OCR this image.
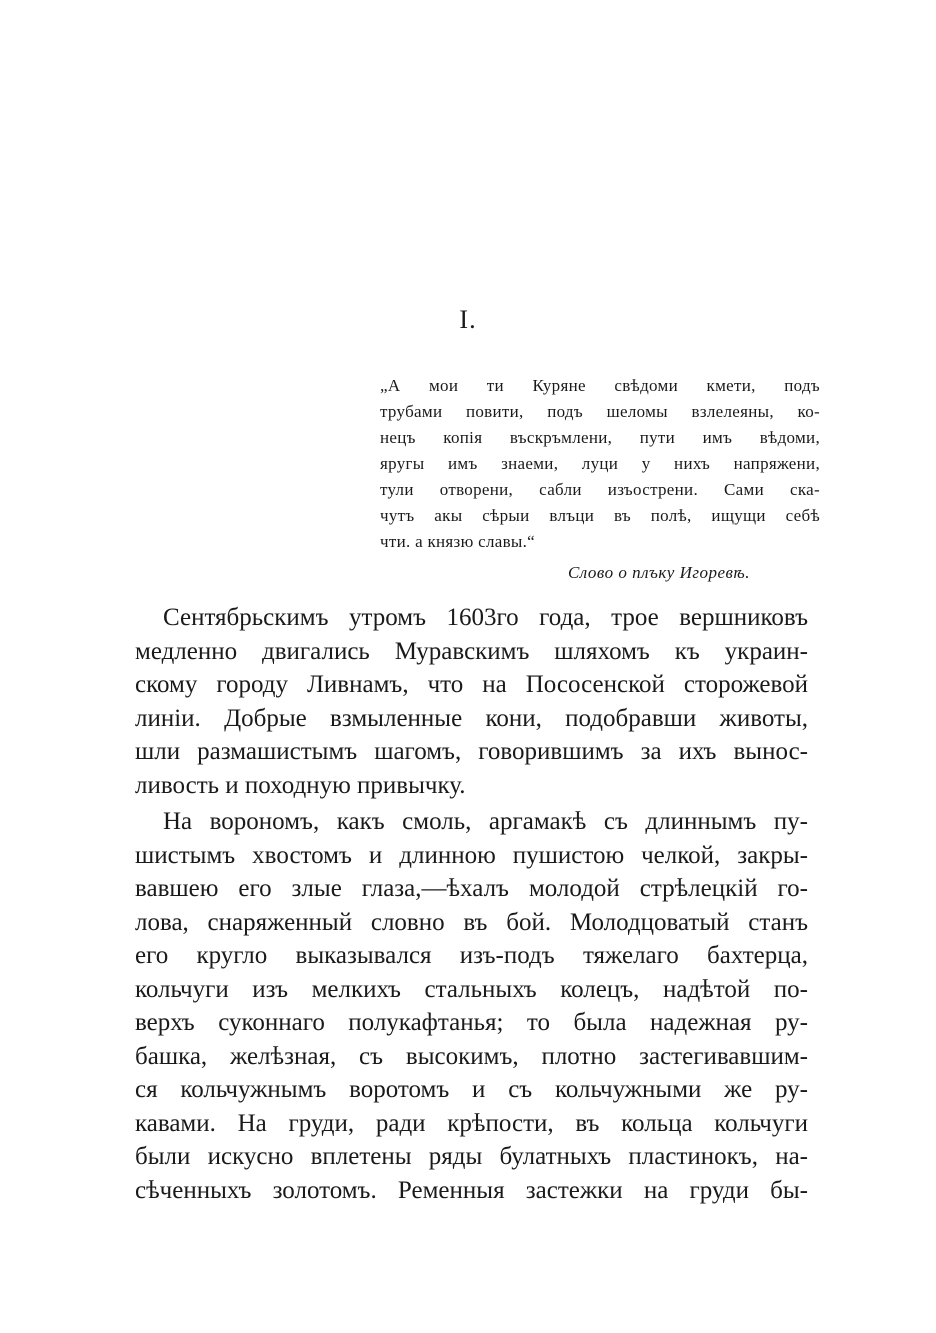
I.
„А мои ти Куряне свѣдоми кмети, подъ
трубами повити, подъ шеломы взлелеяны, ко-
нецъ копія въскръмлени, пути имъ вѣдоми,
яругы имъ знаеми, луци у нихъ напряжени,
тули отворени, сабли изъострени. Сами ска-
чутъ акы сѣрыи влъци въ полѣ, ищущи себѣ
чти. а князю славы.“
Слово о плъку Игоревѣ.
Сентябрьскимъ утромъ 1603го года, трое вершниковъ
медленно двигались Муравскимъ шляхомъ къ украин-
скому городу Ливнамъ, что на Пососенской сторожевой
линіи. Добрые взмыленные кони, подобравши животы,
шли размашистымъ шагомъ, говорившимъ за ихъ вынос-
ливость и походную привычку.
На ворономъ, какъ смоль, аргамакѣ съ длиннымъ пу-
шистымъ хвостомъ и длинною пушистою челкой, закры-
вавшею его злые глаза,—ѣхалъ молодой стрѣлецкій го-
лова, снаряженный словно въ бой. Молодцоватый станъ
его кругло выказывался изъ-подъ тяжелаго бахтерца,
кольчуги изъ мелкихъ стальныхъ колецъ, надѣтой по-
верхъ суконнаго полукафтанья; то была надежная ру-
башка, желѣзная, съ высокимъ, плотно застегивавшим-
ся кольчужнымъ воротомъ и съ кольчужными же ру-
кавами. На груди, ради крѣпости, въ кольца кольчуги
были искусно вплетены ряды булатныхъ пластинокъ, на-
сѣченныхъ золотомъ. Ременныя застежки на груди бы-
